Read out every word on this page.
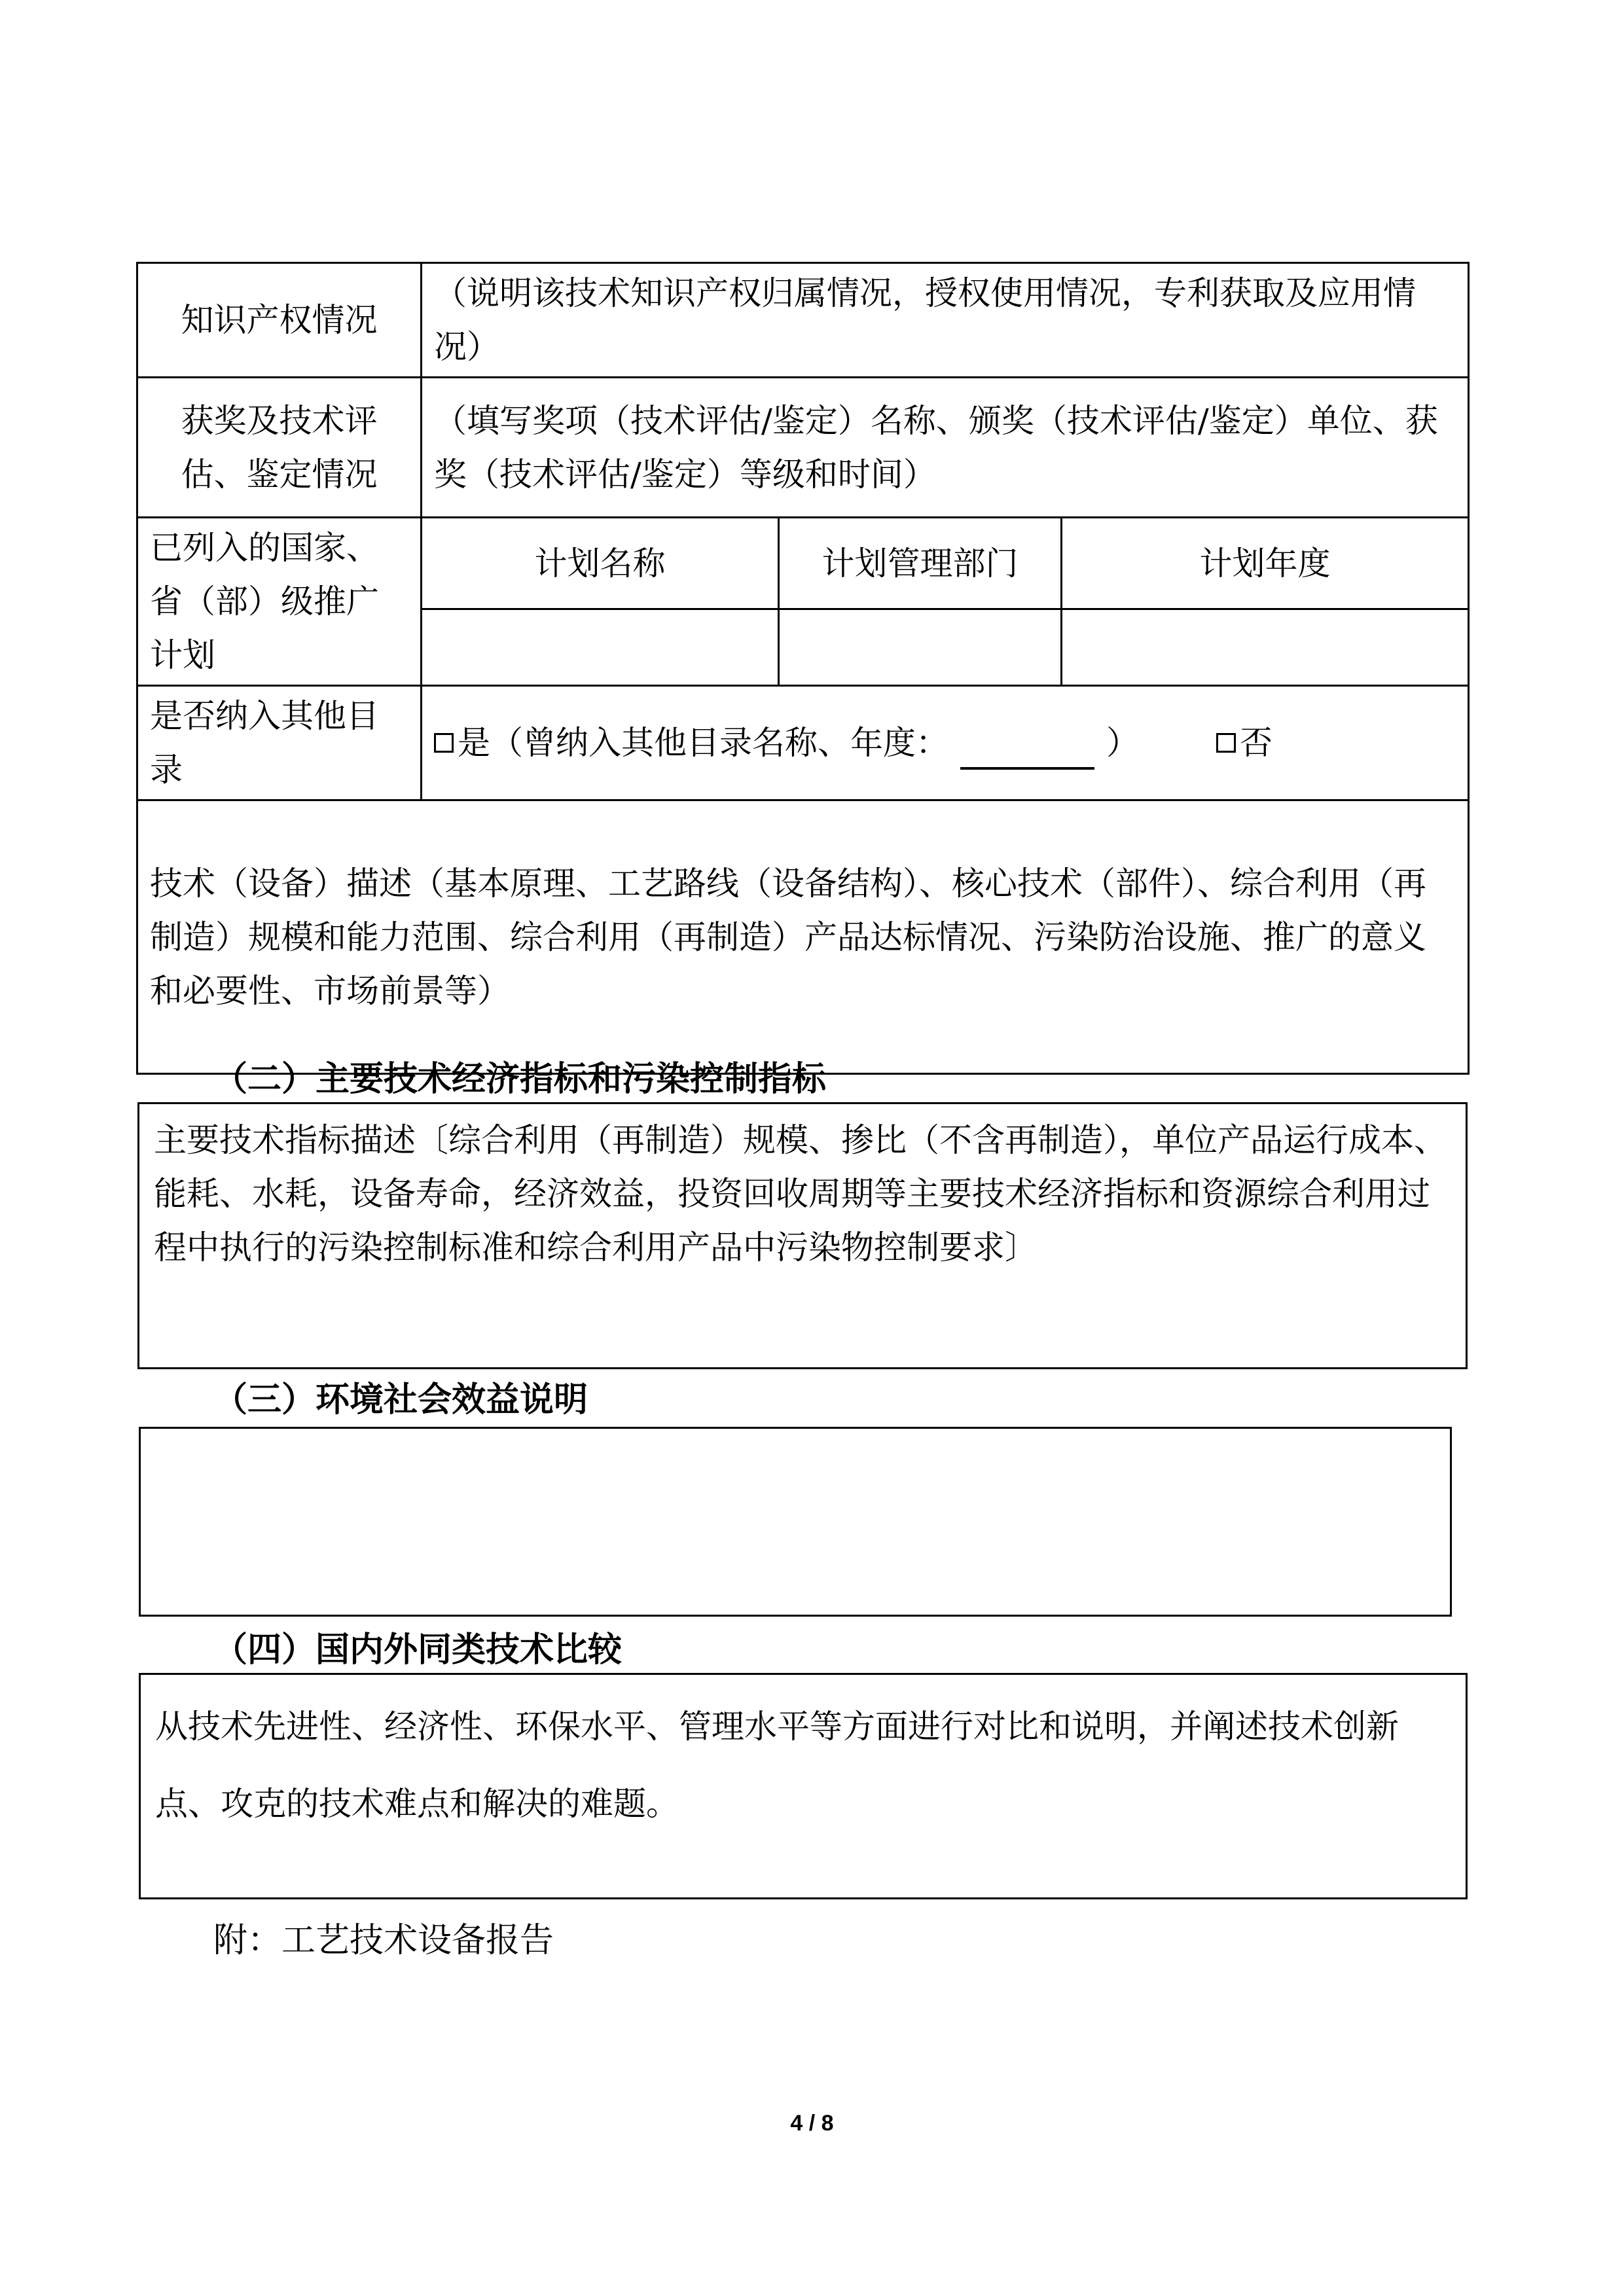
知识产权情况	（说明该技术知识产权归属情况，授权使用情况，专利获取及应用情况）		
获奖及技术评估、鉴定情况	（填写奖项（技术评估/鉴定）名称、颁奖（技术评估/鉴定）单位、获奖（技术评估/鉴定）等级和时间）		
已列入的国家、省（部）级推广计划	计划名称	计划管理部门	计划年度

是否纳入其他目录	是（曾纳入其他目录名称、年度： ） 否		
技术（设备）描述（基本原理、工艺路线（设备结构）、核心技术（部件）、综合利用（再制造）规模和能力范围、综合利用（再制造）产品达标情况、污染防治设施、推广的意义和必要性、市场前景等）			
（二）主要技术经济指标和污染控制指标
主要技术指标描述〔综合利用（再制造）规模、掺比（不含再制造），单位产品运行成本、能耗、水耗，设备寿命，经济效益，投资回收周期等主要技术经济指标和资源综合利用过程中执行的污染控制标准和综合利用产品中污染物控制要求〕
（三）环境社会效益说明
（四）国内外同类技术比较
从技术先进性、经济性、环保水平、管理水平等方面进行对比和说明，并阐述技术创新点、攻克的技术难点和解决的难题。
附：工艺技术设备报告
4 / 8
